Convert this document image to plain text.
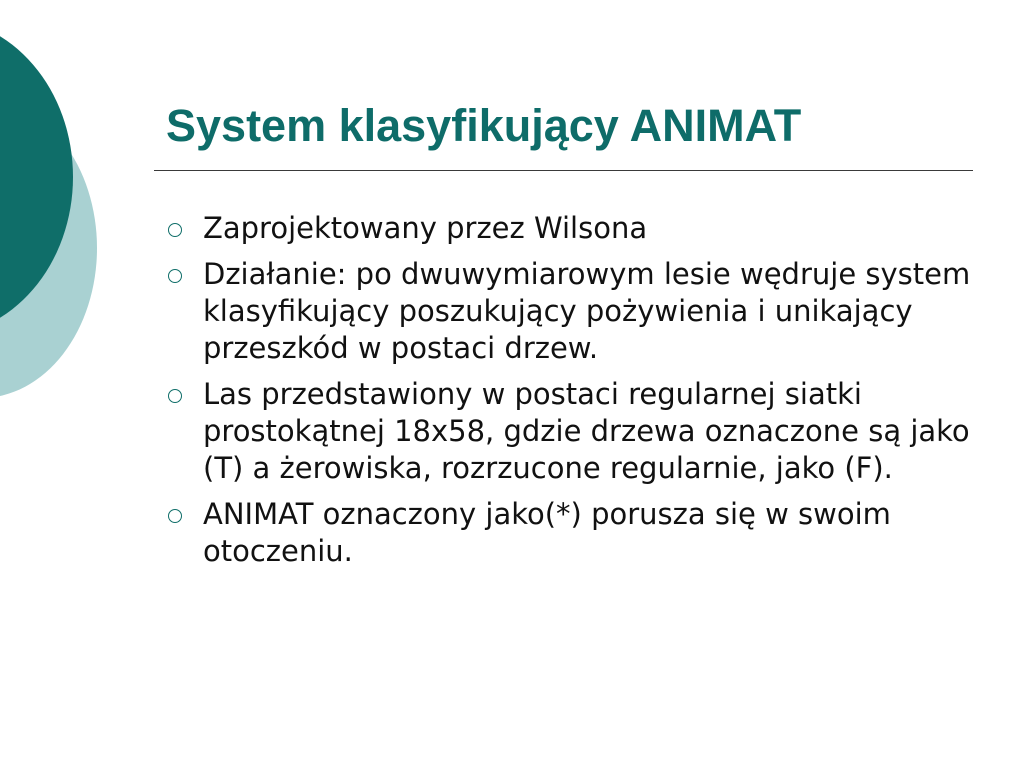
System klasyfikujący ANIMAT
Zaprojektowany przez Wilsona
Działanie: po dwuwymiarowym lesie wędruje system klasyfikujący poszukujący pożywienia i unikający przeszkód w postaci drzew.
Las przedstawiony w postaci regularnej siatki prostokątnej 18x58, gdzie drzewa oznaczone są jako (T) a żerowiska, rozrzucone regularnie, jako (F).
ANIMAT oznaczony jako(*) porusza się w swoim otoczeniu.
